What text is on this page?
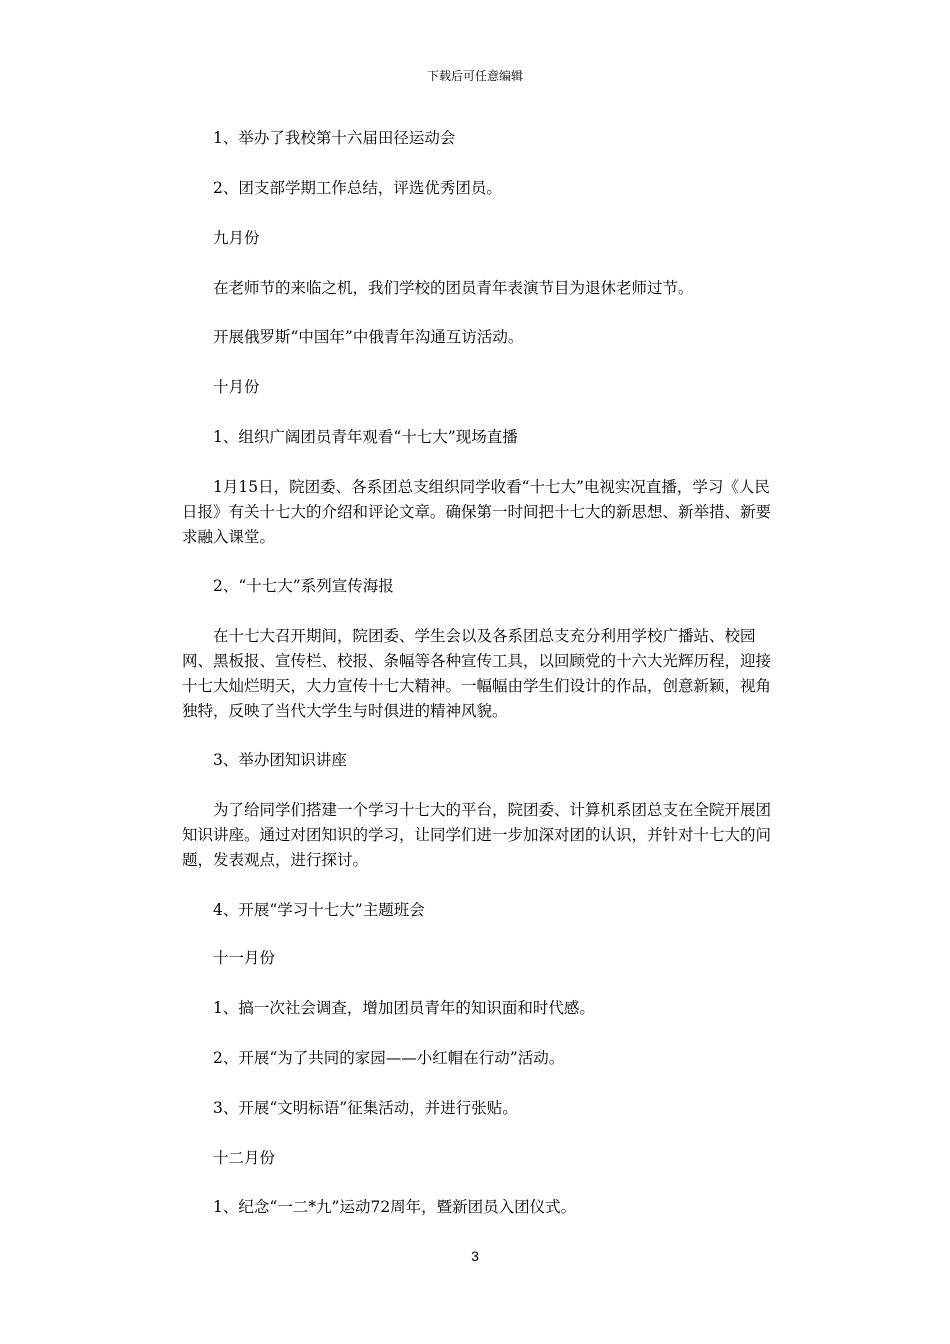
下载后可任意编辑

1、举办了我校第十六届田径运动会

2、团支部学期工作总结，评选优秀团员。

九月份

在老师节的来临之机，我们学校的团员青年表演节目为退休老师过节。

开展俄罗斯“中国年”中俄青年沟通互访活动。

十月份

1、组织广阔团员青年观看“十七大”现场直播

1月15日，院团委、各系团总支组织同学收看“十七大”电视实况直播，学习《人民日报》有关十七大的介绍和评论文章。确保第一时间把十七大的新思想、新举措、新要求融入课堂。

2、“十七大”系列宣传海报

在十七大召开期间，院团委、学生会以及各系团总支充分利用学校广播站、校园网、黑板报、宣传栏、校报、条幅等各种宣传工具，以回顾党的十六大光辉历程，迎接十七大灿烂明天，大力宣传十七大精神。一幅幅由学生们设计的作品，创意新颖，视角独特，反映了当代大学生与时俱进的精神风貌。

3、举办团知识讲座

为了给同学们搭建一个学习十七大的平台，院团委、计算机系团总支在全院开展团知识讲座。通过对团知识的学习，让同学们进一步加深对团的认识，并针对十七大的问题，发表观点，进行探讨。

4、开展“学习十七大”主题班会

十一月份

1、搞一次社会调查，增加团员青年的知识面和时代感。

2、开展“为了共同的家园——小红帽在行动”活动。

3、开展“文明标语”征集活动，并进行张贴。

十二月份

1、纪念“一二*九”运动72周年，暨新团员入团仪式。

3
